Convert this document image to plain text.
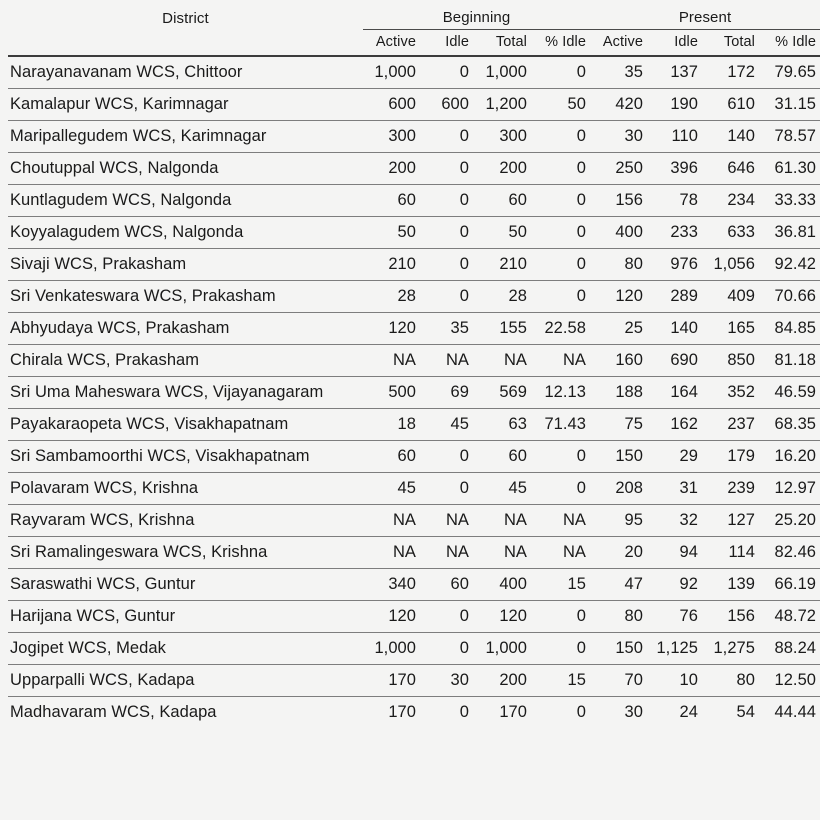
District	Beginning				Present			
	Active	Idle	Total	% Idle	Active	Idle	Total	% Idle
Narayanavanam WCS, Chittoor	1,000	0	1,000	0	35	137	172	79.65
Kamalapur WCS, Karimnagar	600	600	1,200	50	420	190	610	31.15
Maripallegudem WCS, Karimnagar	300	0	300	0	30	110	140	78.57
Choutuppal WCS, Nalgonda	200	0	200	0	250	396	646	61.30
Kuntlagudem WCS, Nalgonda	60	0	60	0	156	78	234	33.33
Koyyalagudem WCS, Nalgonda	50	0	50	0	400	233	633	36.81
Sivaji WCS, Prakasham	210	0	210	0	80	976	1,056	92.42
Sri Venkateswara WCS, Prakasham	28	0	28	0	120	289	409	70.66
Abhyudaya WCS, Prakasham	120	35	155	22.58	25	140	165	84.85
Chirala WCS, Prakasham	NA	NA	NA	NA	160	690	850	81.18
Sri Uma Maheswara WCS, Vijayanagaram	500	69	569	12.13	188	164	352	46.59
Payakaraopeta WCS, Visakhapatnam	18	45	63	71.43	75	162	237	68.35
Sri Sambamoorthi WCS, Visakhapatnam	60	0	60	0	150	29	179	16.20
Polavaram WCS, Krishna	45	0	45	0	208	31	239	12.97
Rayvaram WCS, Krishna	NA	NA	NA	NA	95	32	127	25.20
Sri Ramalingeswara WCS, Krishna	NA	NA	NA	NA	20	94	114	82.46
Saraswathi WCS, Guntur	340	60	400	15	47	92	139	66.19
Harijana WCS, Guntur	120	0	120	0	80	76	156	48.72
Jogipet WCS, Medak	1,000	0	1,000	0	150	1,125	1,275	88.24
Upparpalli WCS, Kadapa	170	30	200	15	70	10	80	12.50
Madhavaram WCS, Kadapa	170	0	170	0	30	24	54	44.44
